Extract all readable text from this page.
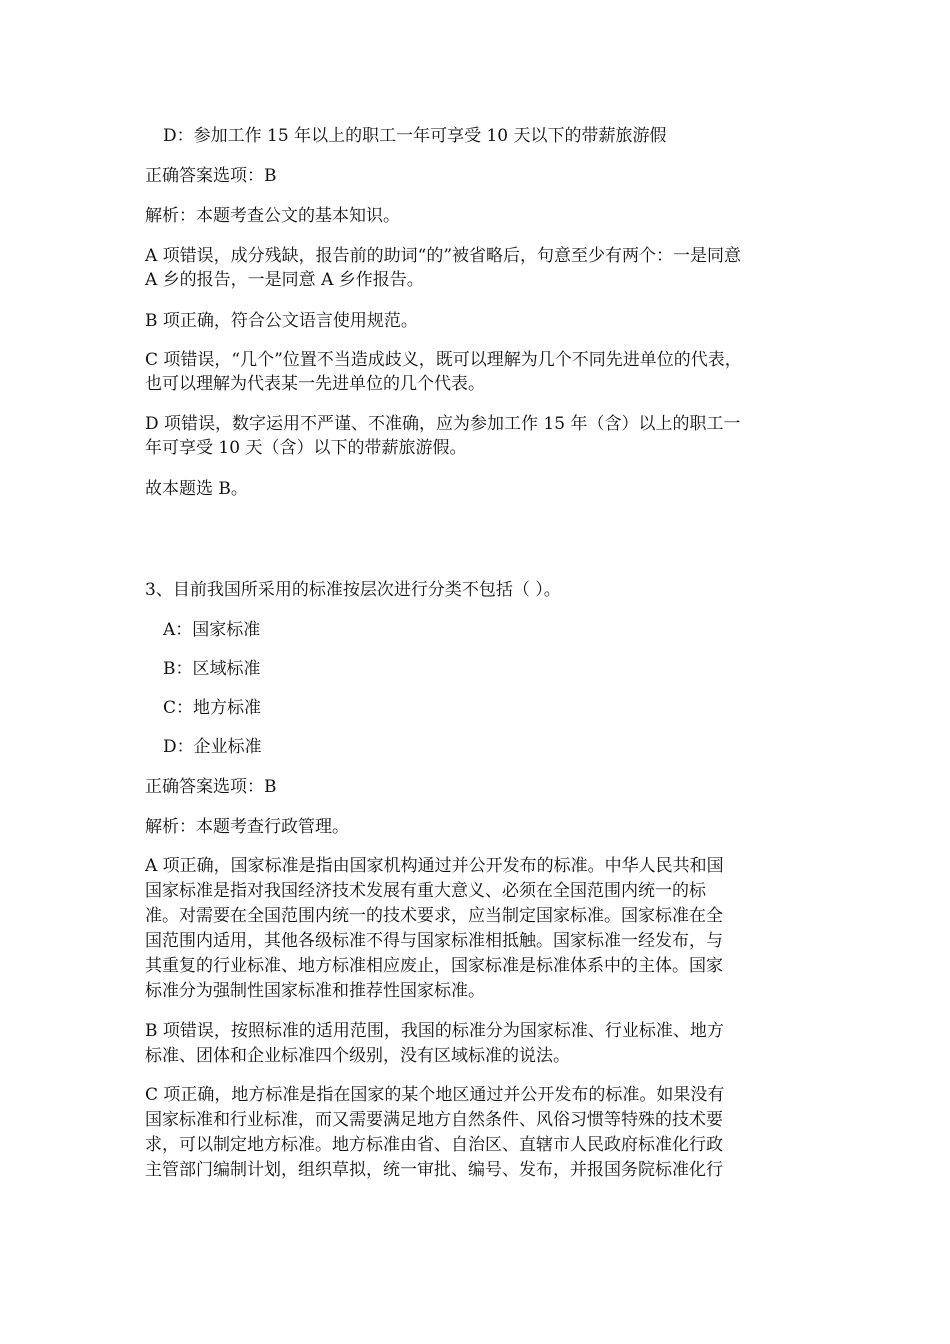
D：参加工作 15 年以上的职工一年可享受 10 天以下的带薪旅游假

正确答案选项：B

解析：本题考查公文的基本知识。

A 项错误，成分残缺，报告前的助词“的”被省略后，句意至少有两个：一是同意

A 乡的报告，一是同意 A 乡作报告。

B 项正确，符合公文语言使用规范。

C 项错误，“几个”位置不当造成歧义，既可以理解为几个不同先进单位的代表，

也可以理解为代表某一先进单位的几个代表。

D 项错误，数字运用不严谨、不准确，应为参加工作 15 年（含）以上的职工一

年可享受 10 天（含）以下的带薪旅游假。

故本题选 B。

3、目前我国所采用的标准按层次进行分类不包括（ ）。

A：国家标准

B：区域标准

C：地方标准

D：企业标准

正确答案选项：B

解析：本题考查行政管理。

A 项正确，国家标准是指由国家机构通过并公开发布的标准。中华人民共和国

国家标准是指对我国经济技术发展有重大意义、必须在全国范围内统一的标

准。对需要在全国范围内统一的技术要求，应当制定国家标准。国家标准在全

国范围内适用，其他各级标准不得与国家标准相抵触。国家标准一经发布，与

其重复的行业标准、地方标准相应废止，国家标准是标准体系中的主体。国家

标准分为强制性国家标准和推荐性国家标准。

B 项错误，按照标准的适用范围，我国的标准分为国家标准、行业标准、地方

标准、团体和企业标准四个级别，没有区域标准的说法。

C 项正确，地方标准是指在国家的某个地区通过并公开发布的标准。如果没有

国家标准和行业标准，而又需要满足地方自然条件、风俗习惯等特殊的技术要

求，可以制定地方标准。地方标准由省、自治区、直辖市人民政府标准化行政

主管部门编制计划，组织草拟，统一审批、编号、发布，并报国务院标准化行
